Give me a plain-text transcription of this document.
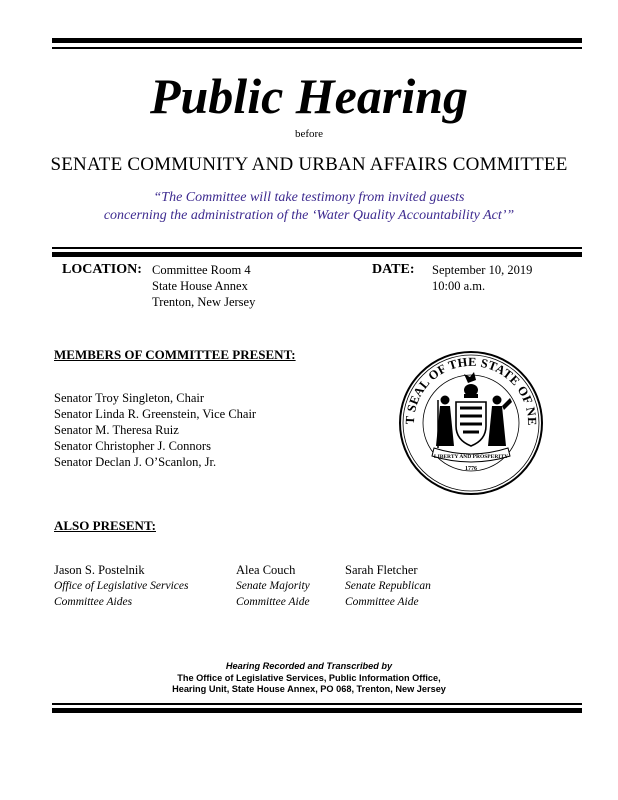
Public Hearing
before
SENATE COMMUNITY AND URBAN AFFAIRS COMMITTEE
“The Committee will take testimony from invited guests
concerning the administration of the ‘Water Quality Accountability Act’”
LOCATION: Committee Room 4
State House Annex
Trenton, New Jersey
DATE: September 10, 2019
10:00 a.m.
MEMBERS OF COMMITTEE PRESENT:
Senator Troy Singleton, Chair
Senator Linda R. Greenstein, Vice Chair
Senator M. Theresa Ruiz
Senator Christopher J. Connors
Senator Declan J. O’Scanlon, Jr.
T SEAL OF THE STATE OF NE
LIBERTY AND PROSPERITY
1776
ALSO PRESENT:
Jason S. Postelnik
Office of Legislative Services
Committee Aides
Alea Couch
Senate Majority
Committee Aide
Sarah Fletcher
Senate Republican
Committee Aide
Hearing Recorded and Transcribed by
The Office of Legislative Services, Public Information Office,
Hearing Unit, State House Annex, PO 068, Trenton, New Jersey
